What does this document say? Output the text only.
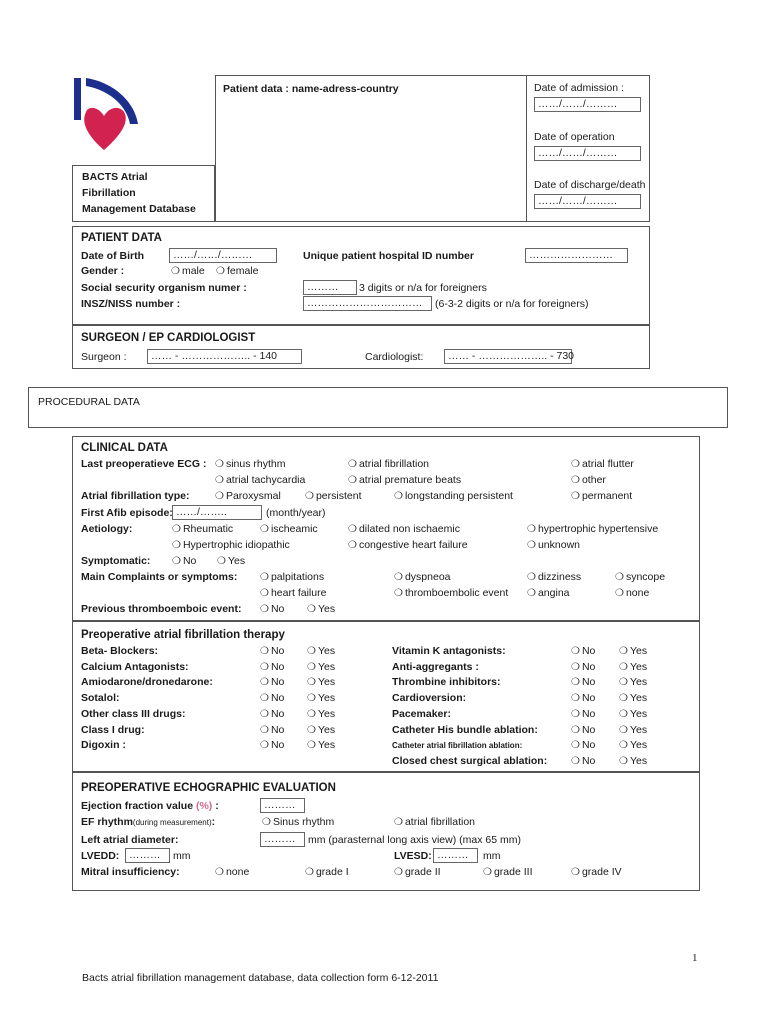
BACTS Atrial
Fibrillation
Management Database
Patient data : name-adress-country	Date of admission :
……/……/………
Date of operation
……/……/………
Date of discharge/death
……/……/………
PATIENT DATA
Date of Birth	……/……/………	Unique patient hospital ID number	……………………
Gender :	❍ male ❍ female
Social security organism numer :	………	3 digits or n/a for foreigners
INSZ/NISS number :	……………………………	(6-3-2 digits or n/a for foreigners)
SURGEON / EP CARDIOLOGIST
Surgeon :	…… - ……………….. - 140	Cardiologist:	…… - ……………….. - 730
PROCEDURAL DATA
CLINICAL DATA
Last preoperatieve ECG : ❍ sinus rhythm	❍ atrial fibrillation	❍ atrial flutter
❍ atrial tachycardia	❍ atrial premature beats	❍ other
Atrial fibrillation type:	❍ Paroxysmal ❍ persistent	❍ longstanding persistent	❍ permanent
First Afib episode: ……/……..	(month/year)
Aetiology:	❍ Rheumatic	❍ ischeamic	❍ dilated non ischaemic	❍ hypertrophic hypertensive
❍ Hypertrophic idiopathic	❍ congestive heart failure	❍ unknown
Symptomatic: ❍ No ❍ Yes
Main Complaints or symptoms: ❍ palpitations	❍ dyspneoa	❍ dizziness	❍ syncope
❍ heart failure	❍ thromboembolic event ❍ angina	❍ none
Previous thromboemboic event: ❍ No ❍ Yes
Preoperative atrial fibrillation therapy
Beta- Blockers:	❍ No ❍ Yes
Calcium Antagonists:	❍ No ❍ Yes
Amiodarone/dronedarone:	❍ No ❍ Yes
Sotalol:	❍ No ❍ Yes
Other class III drugs:	❍ No ❍ Yes
Class I drug:	❍ No ❍ Yes
Digoxin :	❍ No ❍ Yes
Vitamin K antagonists:	❍ No ❍ Yes
Anti-aggregants :	❍ No ❍ Yes
Thrombine inhibitors:	❍ No ❍ Yes
Cardioversion:	❍ No ❍ Yes
Pacemaker:	❍ No ❍ Yes
Catheter His bundle ablation:	❍ No ❍ Yes
Catheter atrial fibrillation ablation:	❍ No ❍ Yes
Closed chest surgical ablation: ❍ No ❍ Yes
PREOPERATIVE ECHOGRAPHIC EVALUATION
Ejection fraction value (%) :	………
EF rhythm(during measurement):	❍ Sinus rhythm	❍ atrial fibrillation
Left atrial diameter:	………	mm (parasternal long axis view) (max 65 mm)
LVEDD: ………	mm	LVESD: ………	mm
Mitral insufficiency:	❍ none	❍ grade I	❍ grade II	❍ grade III	❍ grade IV
1
Bacts atrial fibrillation management database, data collection form 6-12-2011
